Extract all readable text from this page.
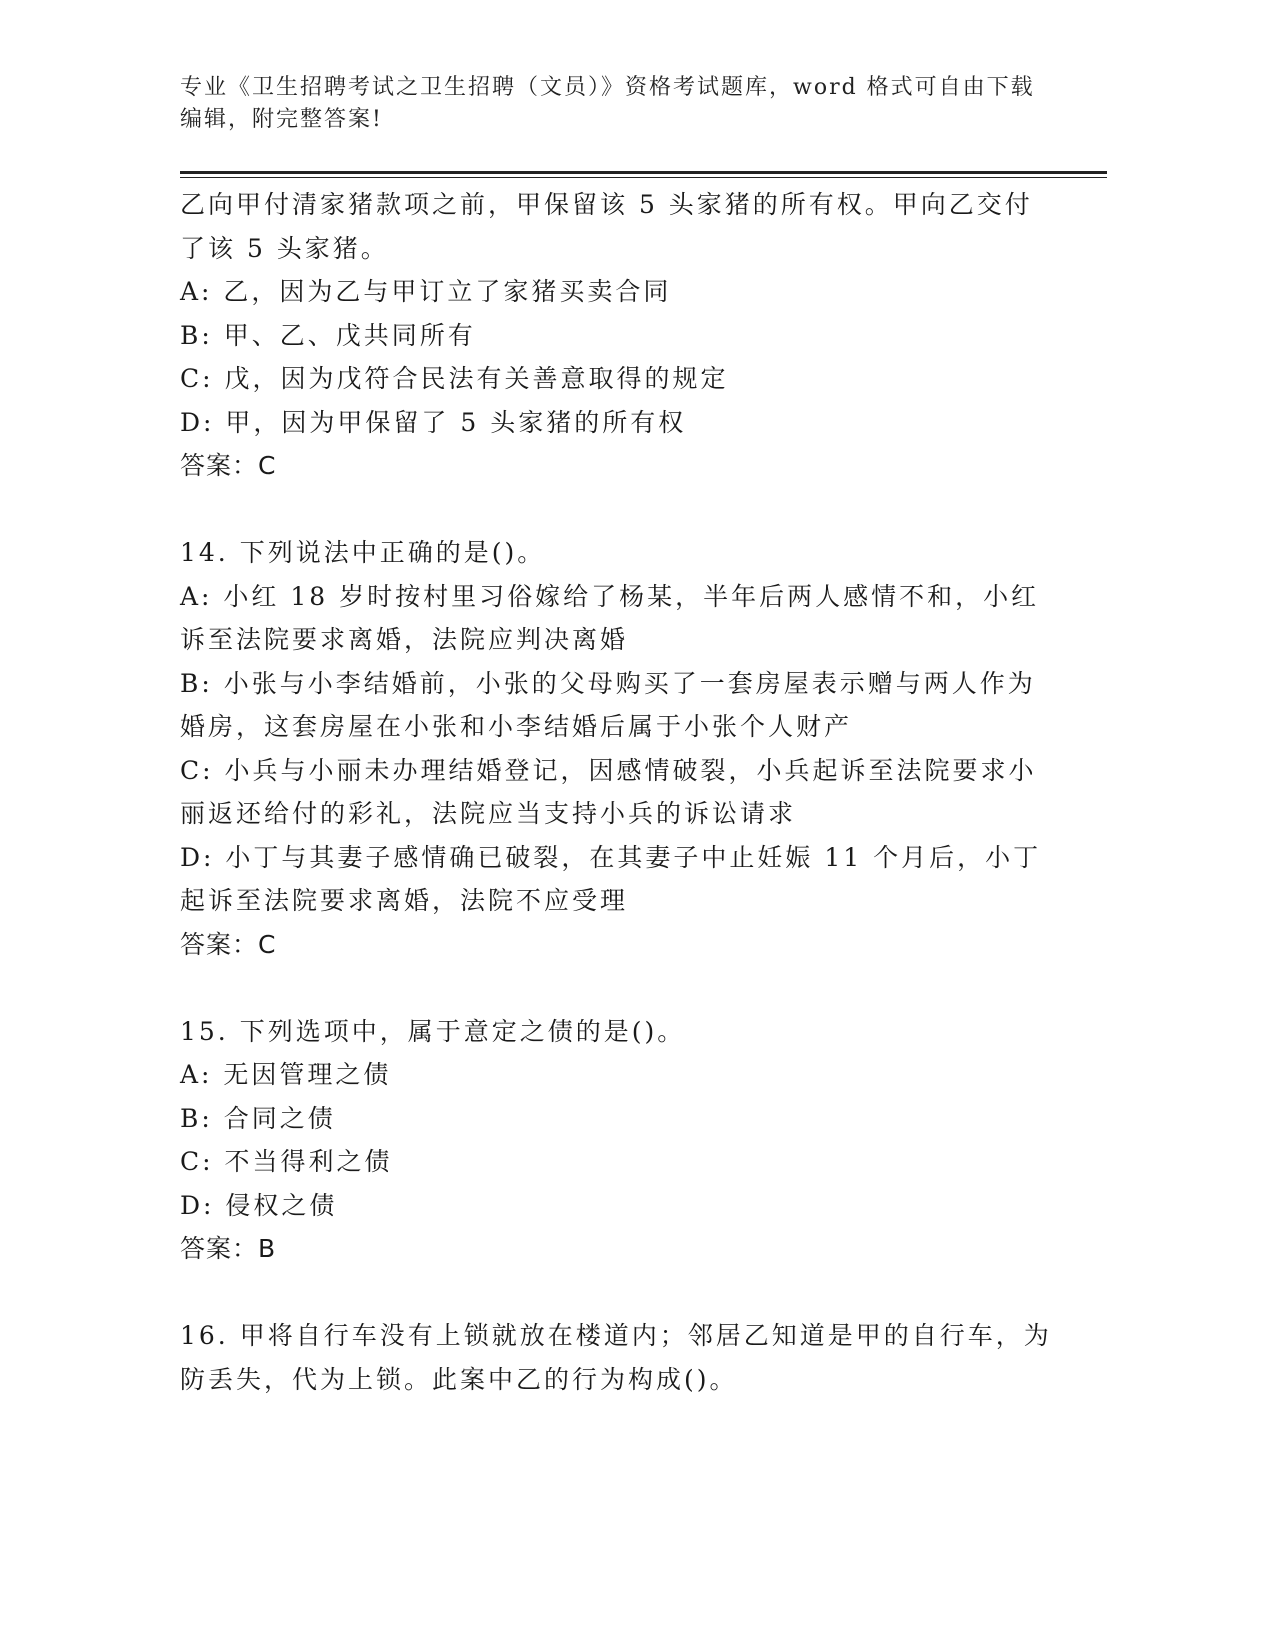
专业《卫生招聘考试之卫生招聘（文员）》资格考试题库，word 格式可自由下载
编辑，附完整答案!

乙向甲付清家猪款项之前，甲保留该 5 头家猪的所有权。甲向乙交付

了该 5 头家猪。

A: 乙，因为乙与甲订立了家猪买卖合同

B: 甲、乙、戊共同所有

C: 戊，因为戊符合民法有关善意取得的规定

D: 甲，因为甲保留了 5 头家猪的所有权

答案：C

14. 下列说法中正确的是()。

A: 小红 18 岁时按村里习俗嫁给了杨某，半年后两人感情不和，小红

诉至法院要求离婚，法院应判决离婚

B: 小张与小李结婚前，小张的父母购买了一套房屋表示赠与两人作为

婚房，这套房屋在小张和小李结婚后属于小张个人财产

C: 小兵与小丽未办理结婚登记，因感情破裂，小兵起诉至法院要求小

丽返还给付的彩礼，法院应当支持小兵的诉讼请求

D: 小丁与其妻子感情确已破裂，在其妻子中止妊娠 11 个月后，小丁

起诉至法院要求离婚，法院不应受理

答案：C

15. 下列选项中，属于意定之债的是()。

A: 无因管理之债

B: 合同之债

C: 不当得利之债

D: 侵权之债

答案：B

16. 甲将自行车没有上锁就放在楼道内；邻居乙知道是甲的自行车，为

防丢失，代为上锁。此案中乙的行为构成()。
